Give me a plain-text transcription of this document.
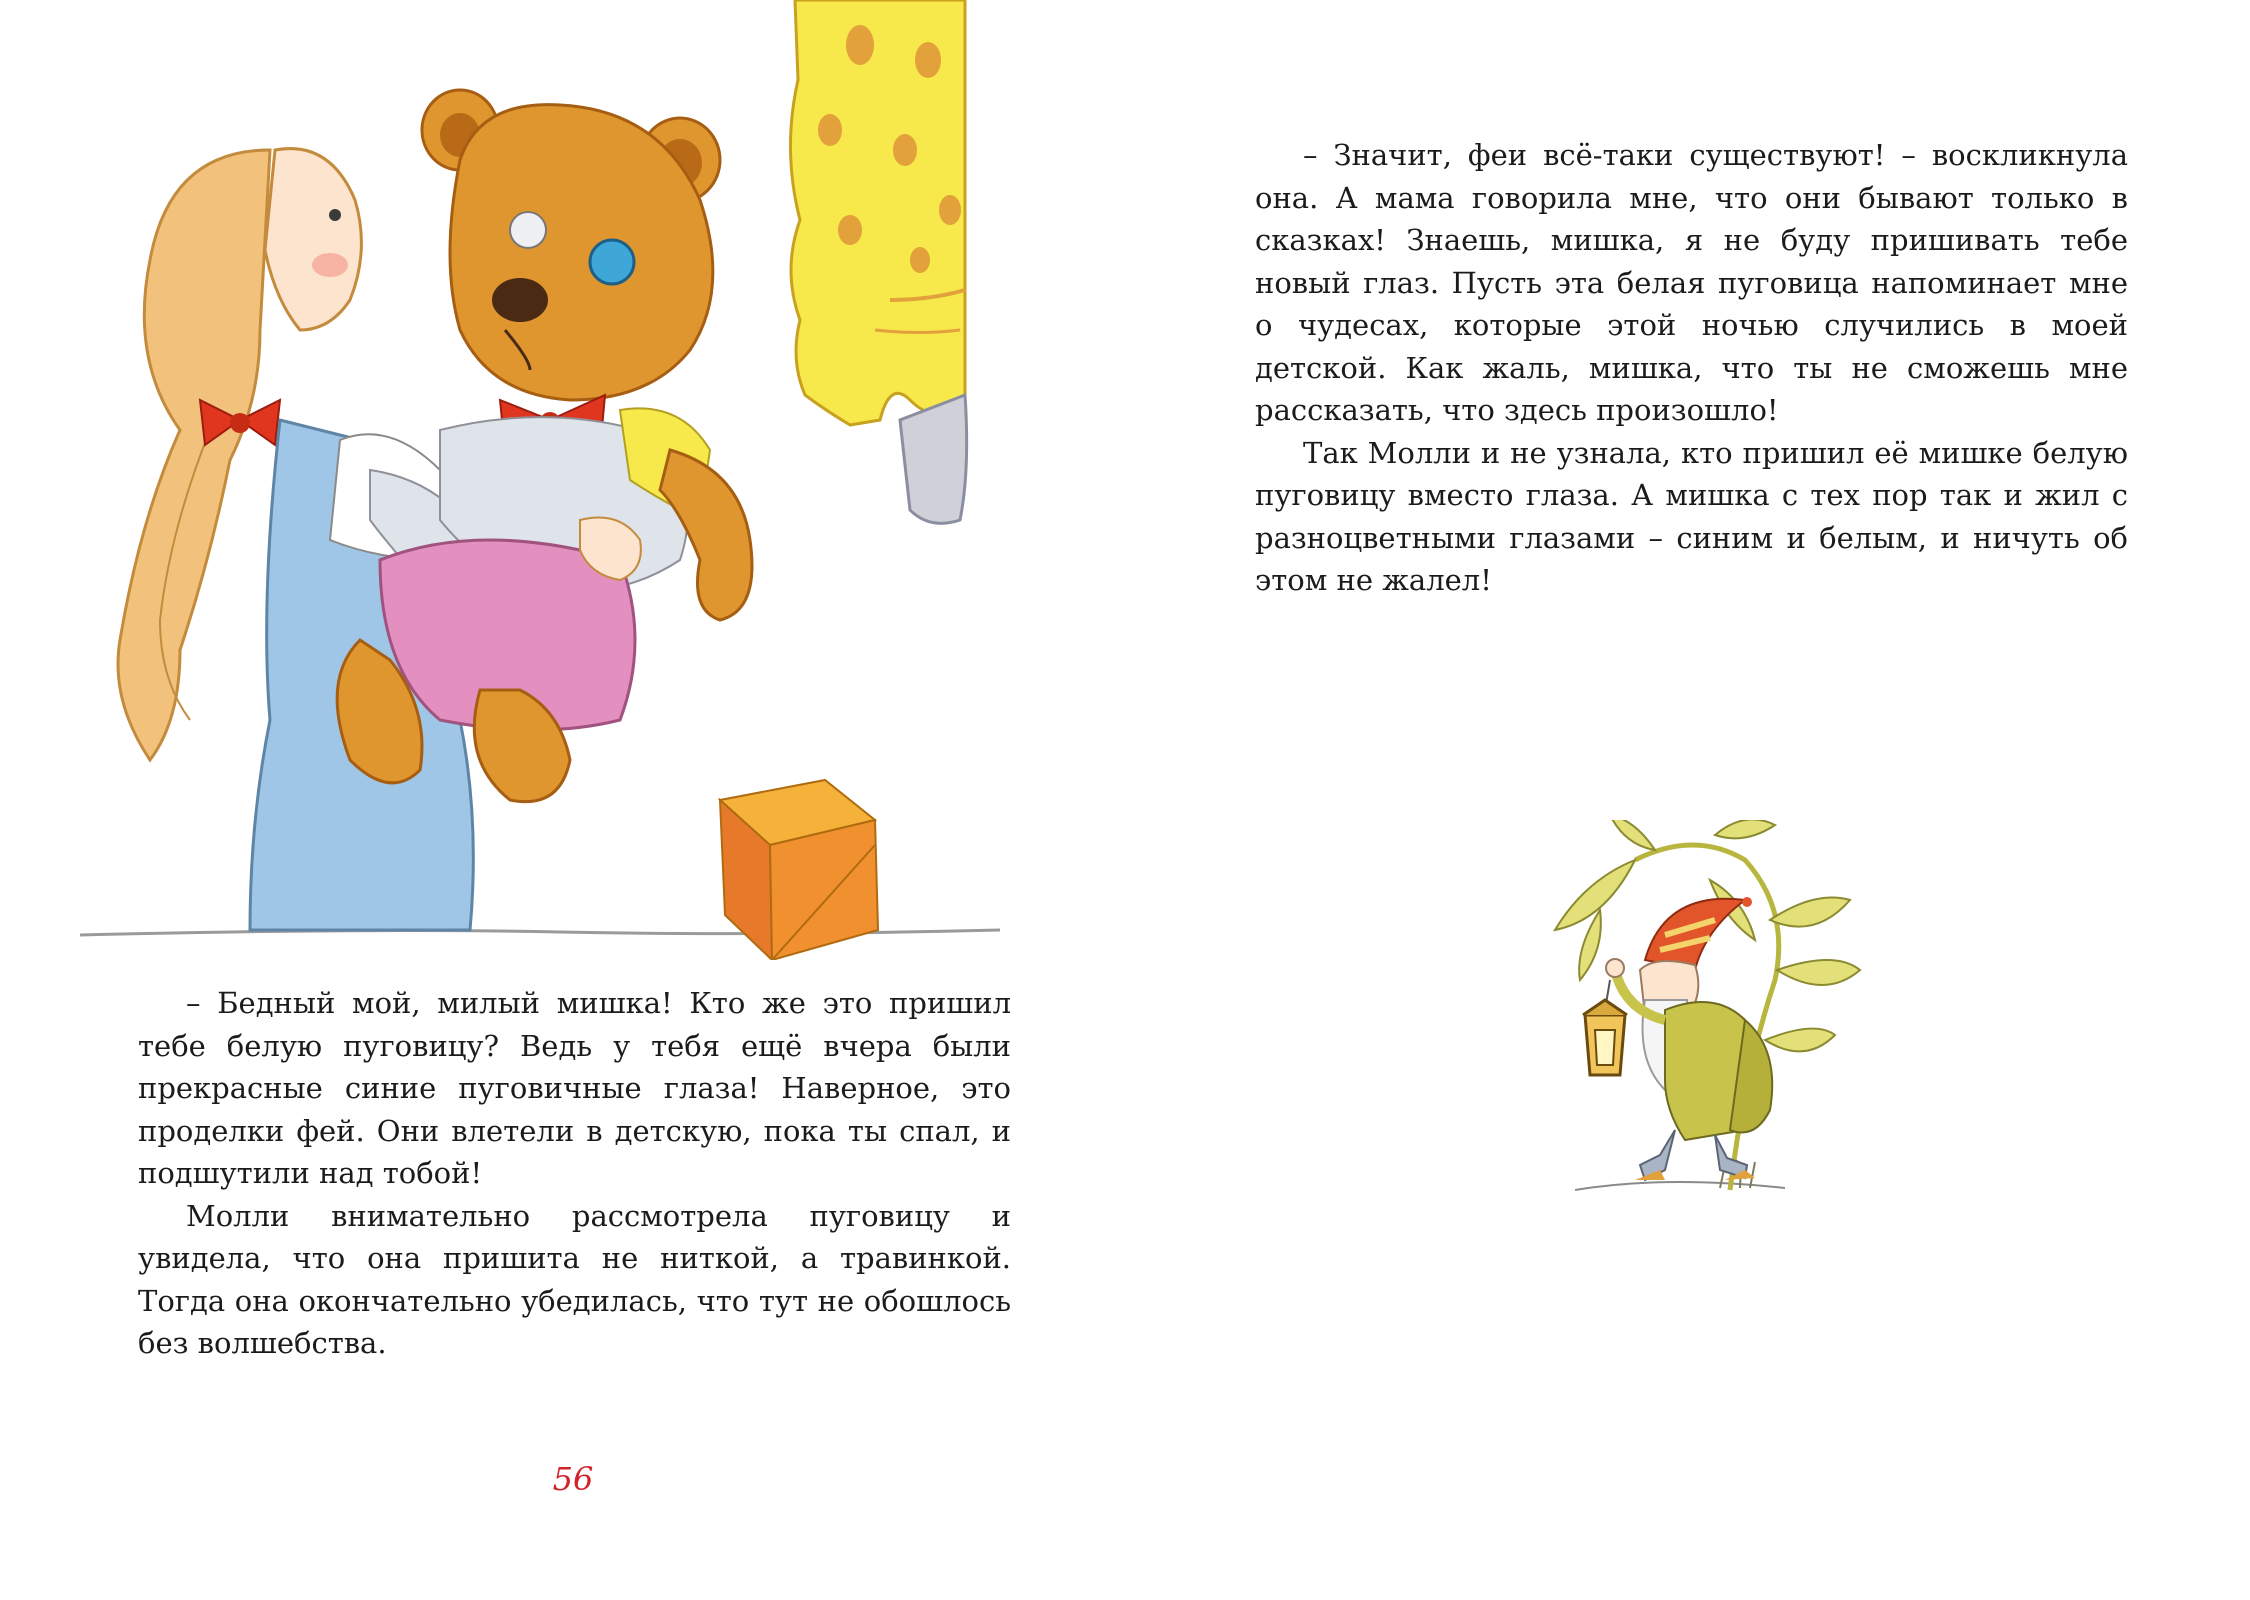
– Бедный мой, милый мишка! Кто же это пришил тебе белую пуговицу? Ведь у тебя ещё вчера были прекрасные синие пуговичные глаза! Наверное, это проделки фей. Они влетели в детскую, пока ты спал, и подшутили над тобой!

Молли внимательно рассмотрела пуговицу и увидела, что она пришита не ниткой, а травинкой. Тогда она окончательно убедилась, что тут не обошлось без волшебства.

56

– Значит, феи всё-таки существуют! – воскликнула она. А мама говорила мне, что они бывают только в сказках! Знаешь, мишка, я не буду пришивать тебе новый глаз. Пусть эта белая пуговица напоминает мне о чудесах, которые этой ночью случились в моей детской. Как жаль, мишка, что ты не сможешь мне рассказать, что здесь произошло!

Так Молли и не узнала, кто пришил её мишке белую пуговицу вместо глаза. А мишка с тех пор так и жил с разноцветными глазами – синим и белым, и ничуть об этом не жалел!
